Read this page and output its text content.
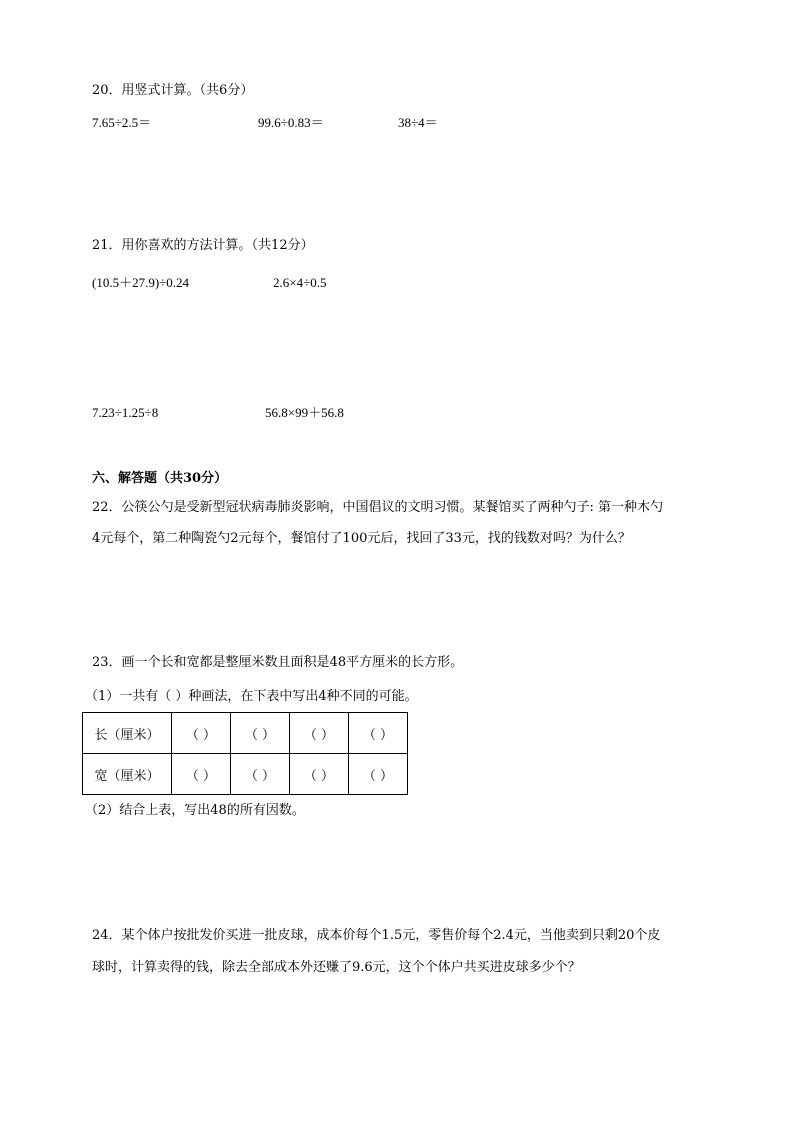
20．用竖式计算。（共6分）
7.65÷2.5＝	99.6÷0.83＝	38÷4＝
21．用你喜欢的方法计算。（共12分）
(10.5＋27.9)÷0.24	2.6×4÷0.5
7.23÷1.25÷8	56.8×99＋56.8
六、解答题（共30分）
22．公筷公勺是受新型冠状病毒肺炎影响，中国倡议的文明习惯。某餐馆买了两种勺子: 第一种木勺
4元每个，第二种陶瓷勺2元每个，餐馆付了100元后，找回了33元，找的钱数对吗？为什么？
23．画一个长和宽都是整厘米数且面积是48平方厘米的长方形。
（1）一共有（ ）种画法，在下表中写出4种不同的可能。
长（厘米）	（ ）	（ ）	（ ）	（ ）
宽（厘米）	（ ）	（ ）	（ ）	（ ）
（2）结合上表，写出48的所有因数。
24．某个体户按批发价买进一批皮球，成本价每个1.5元，零售价每个2.4元，当他卖到只剩20个皮
球时，计算卖得的钱，除去全部成本外还赚了9.6元，这个个体户共买进皮球多少个？
